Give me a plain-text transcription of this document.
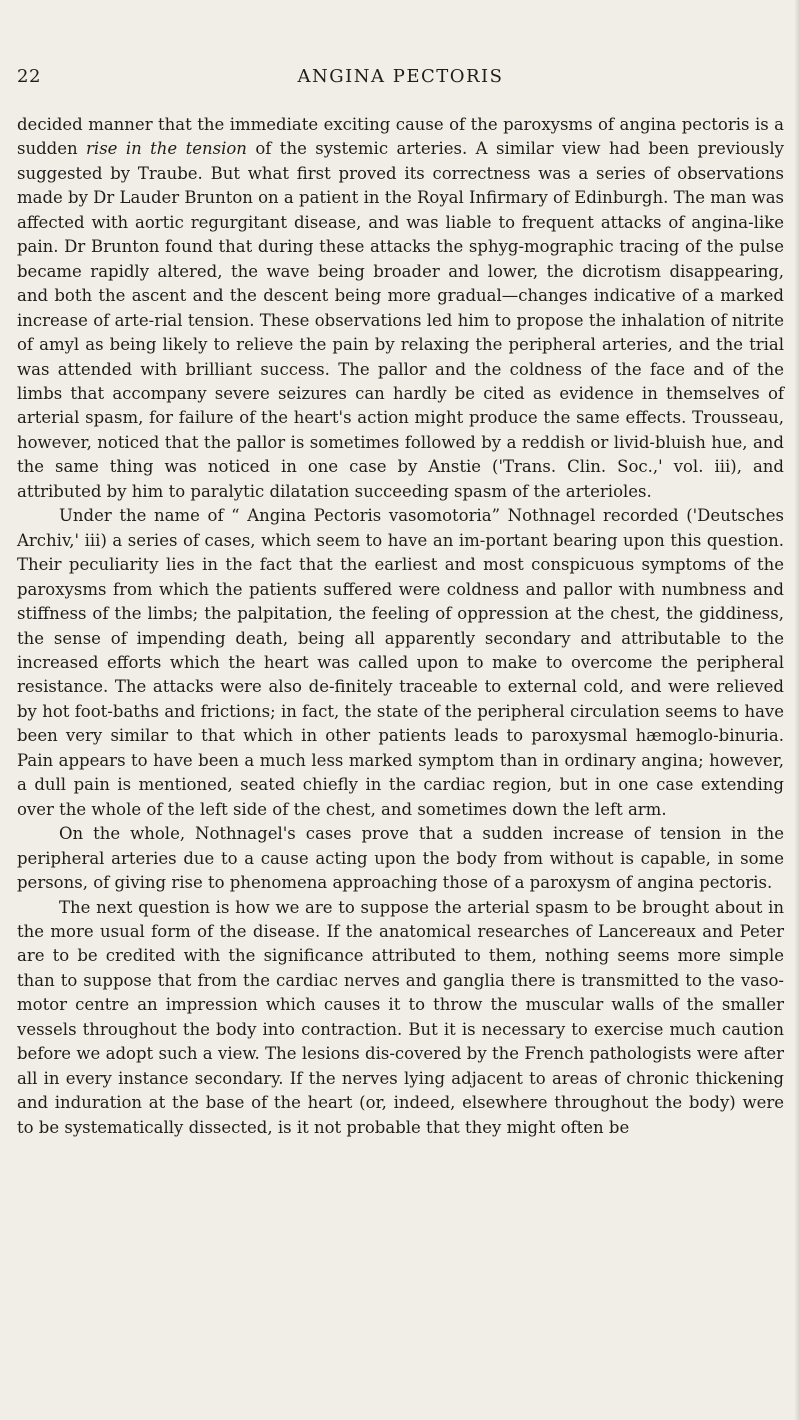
22	ANGINA PECTORIS

decided manner that the immediate exciting cause of the paroxysms of angina pectoris is a sudden rise in the tension of the systemic arteries. A similar view had been previously suggested by Traube. But what first proved its correctness was a series of observations made by Dr Lauder Brunton on a patient in the Royal Infirmary of Edinburgh. The man was affected with aortic regurgitant disease, and was liable to frequent attacks of angina-like pain. Dr Brunton found that during these attacks the sphyg-mographic tracing of the pulse became rapidly altered, the wave being broader and lower, the dicrotism disappearing, and both the ascent and the descent being more gradual—changes indicative of a marked increase of arte-rial tension. These observations led him to propose the inhalation of nitrite of amyl as being likely to relieve the pain by relaxing the peripheral arteries, and the trial was attended with brilliant success. The pallor and the coldness of the face and of the limbs that accompany severe seizures can hardly be cited as evidence in themselves of arterial spasm, for failure of the heart's action might produce the same effects. Trousseau, however, noticed that the pallor is sometimes followed by a reddish or livid-bluish hue, and the same thing was noticed in one case by Anstie ('Trans. Clin. Soc.,' vol. iii), and attributed by him to paralytic dilatation succeeding spasm of the arterioles.

Under the name of “ Angina Pectoris vasomotoria” Nothnagel recorded ('Deutsches Archiv,' iii) a series of cases, which seem to have an im-portant bearing upon this question. Their peculiarity lies in the fact that the earliest and most conspicuous symptoms of the paroxysms from which the patients suffered were coldness and pallor with numbness and stiffness of the limbs; the palpitation, the feeling of oppression at the chest, the giddiness, the sense of impending death, being all apparently secondary and attributable to the increased efforts which the heart was called upon to make to overcome the peripheral resistance. The attacks were also de-finitely traceable to external cold, and were relieved by hot foot-baths and frictions; in fact, the state of the peripheral circulation seems to have been very similar to that which in other patients leads to paroxysmal hæmoglo-binuria. Pain appears to have been a much less marked symptom than in ordinary angina; however, a dull pain is mentioned, seated chiefly in the cardiac region, but in one case extending over the whole of the left side of the chest, and sometimes down the left arm.

On the whole, Nothnagel's cases prove that a sudden increase of tension in the peripheral arteries due to a cause acting upon the body from without is capable, in some persons, of giving rise to phenomena approaching those of a paroxysm of angina pectoris.

The next question is how we are to suppose the arterial spasm to be brought about in the more usual form of the disease. If the anatomical researches of Lancereaux and Peter are to be credited with the significance attributed to them, nothing seems more simple than to suppose that from the cardiac nerves and ganglia there is transmitted to the vaso-motor centre an impression which causes it to throw the muscular walls of the smaller vessels throughout the body into contraction. But it is necessary to exercise much caution before we adopt such a view. The lesions dis-covered by the French pathologists were after all in every instance secondary. If the nerves lying adjacent to areas of chronic thickening and induration at the base of the heart (or, indeed, elsewhere throughout the body) were to be systematically dissected, is it not probable that they might often be
